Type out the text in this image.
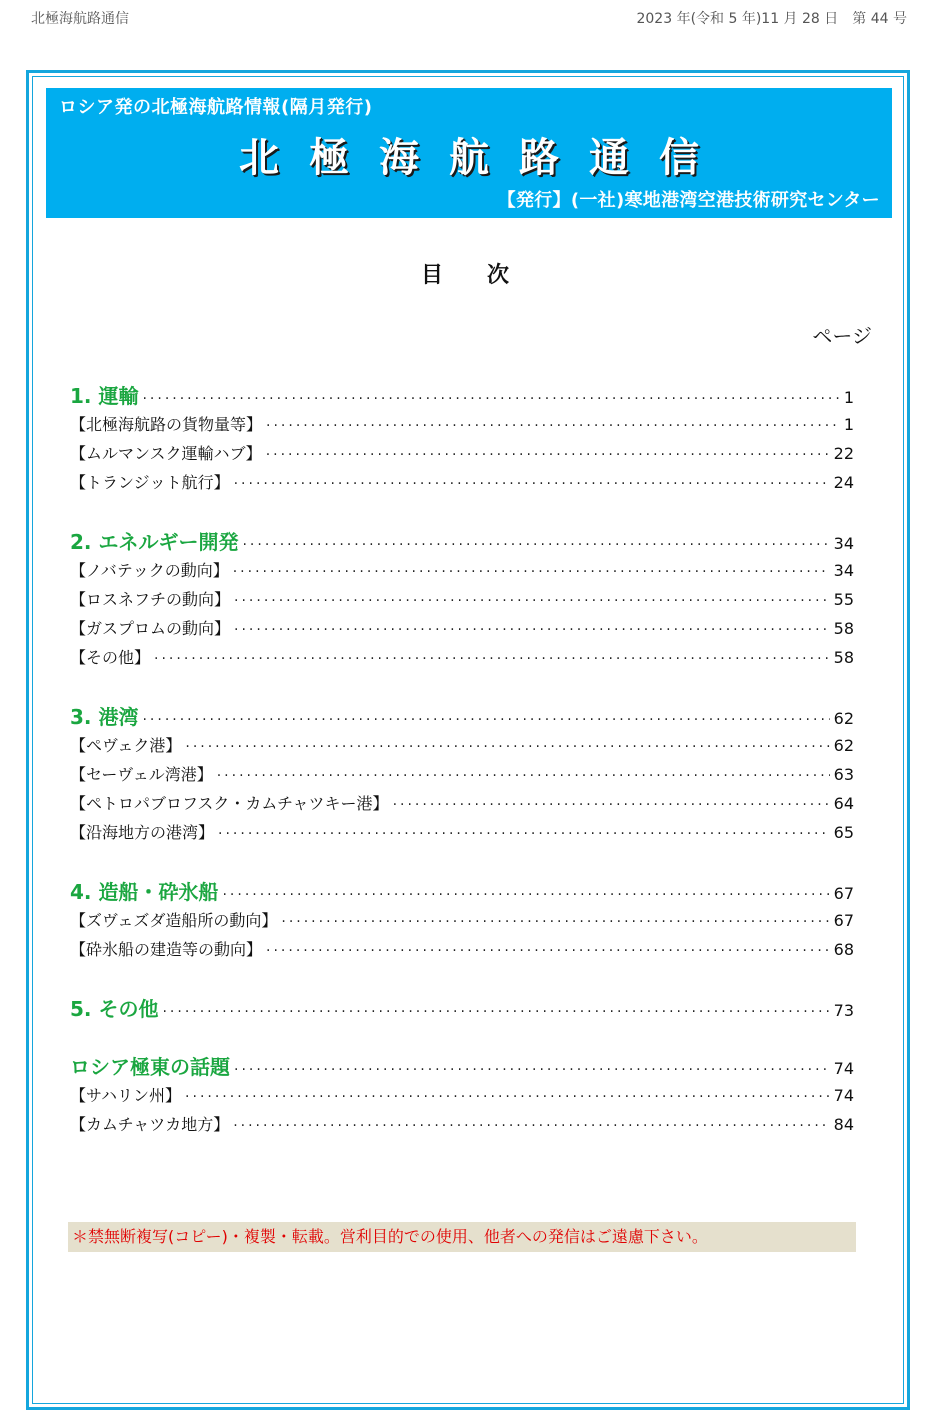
北極海航路通信	2023 年(令和 5 年)11 月 28 日　第 44 号
ロシア発の北極海航路情報(隔月発行)
北極海航路通信
【発行】(一社)寒地港湾空港技術研究センター
目次
ページ
1. 運輸 ·····	1
【北極海航路の貨物量等】 ·····	1
【ムルマンスク運輸ハブ】 ·····	22
【トランジット航行】 ·····	24
2. エネルギー開発 ·····	34
【ノバテックの動向】 ·····	34
【ロスネフチの動向】 ·····	55
【ガスプロムの動向】 ·····	58
【その他】 ·····	58
3. 港湾 ·····	62
【ペヴェク港】 ·····	62
【セーヴェル湾港】 ·····	63
【ペトロパブロフスク・カムチャツキー港】 ·····	64
【沿海地方の港湾】 ·····	65
4. 造船・砕氷船 ·····	67
【ズヴェズダ造船所の動向】 ·····	67
【砕氷船の建造等の動向】 ·····	68
5. その他 ·····	73
ロシア極東の話題 ·····	74
【サハリン州】 ·····	74
【カムチャツカ地方】 ·····	84
＊禁無断複写(コピー)・複製・転載。営利目的での使用、他者への発信はご遠慮下さい。
